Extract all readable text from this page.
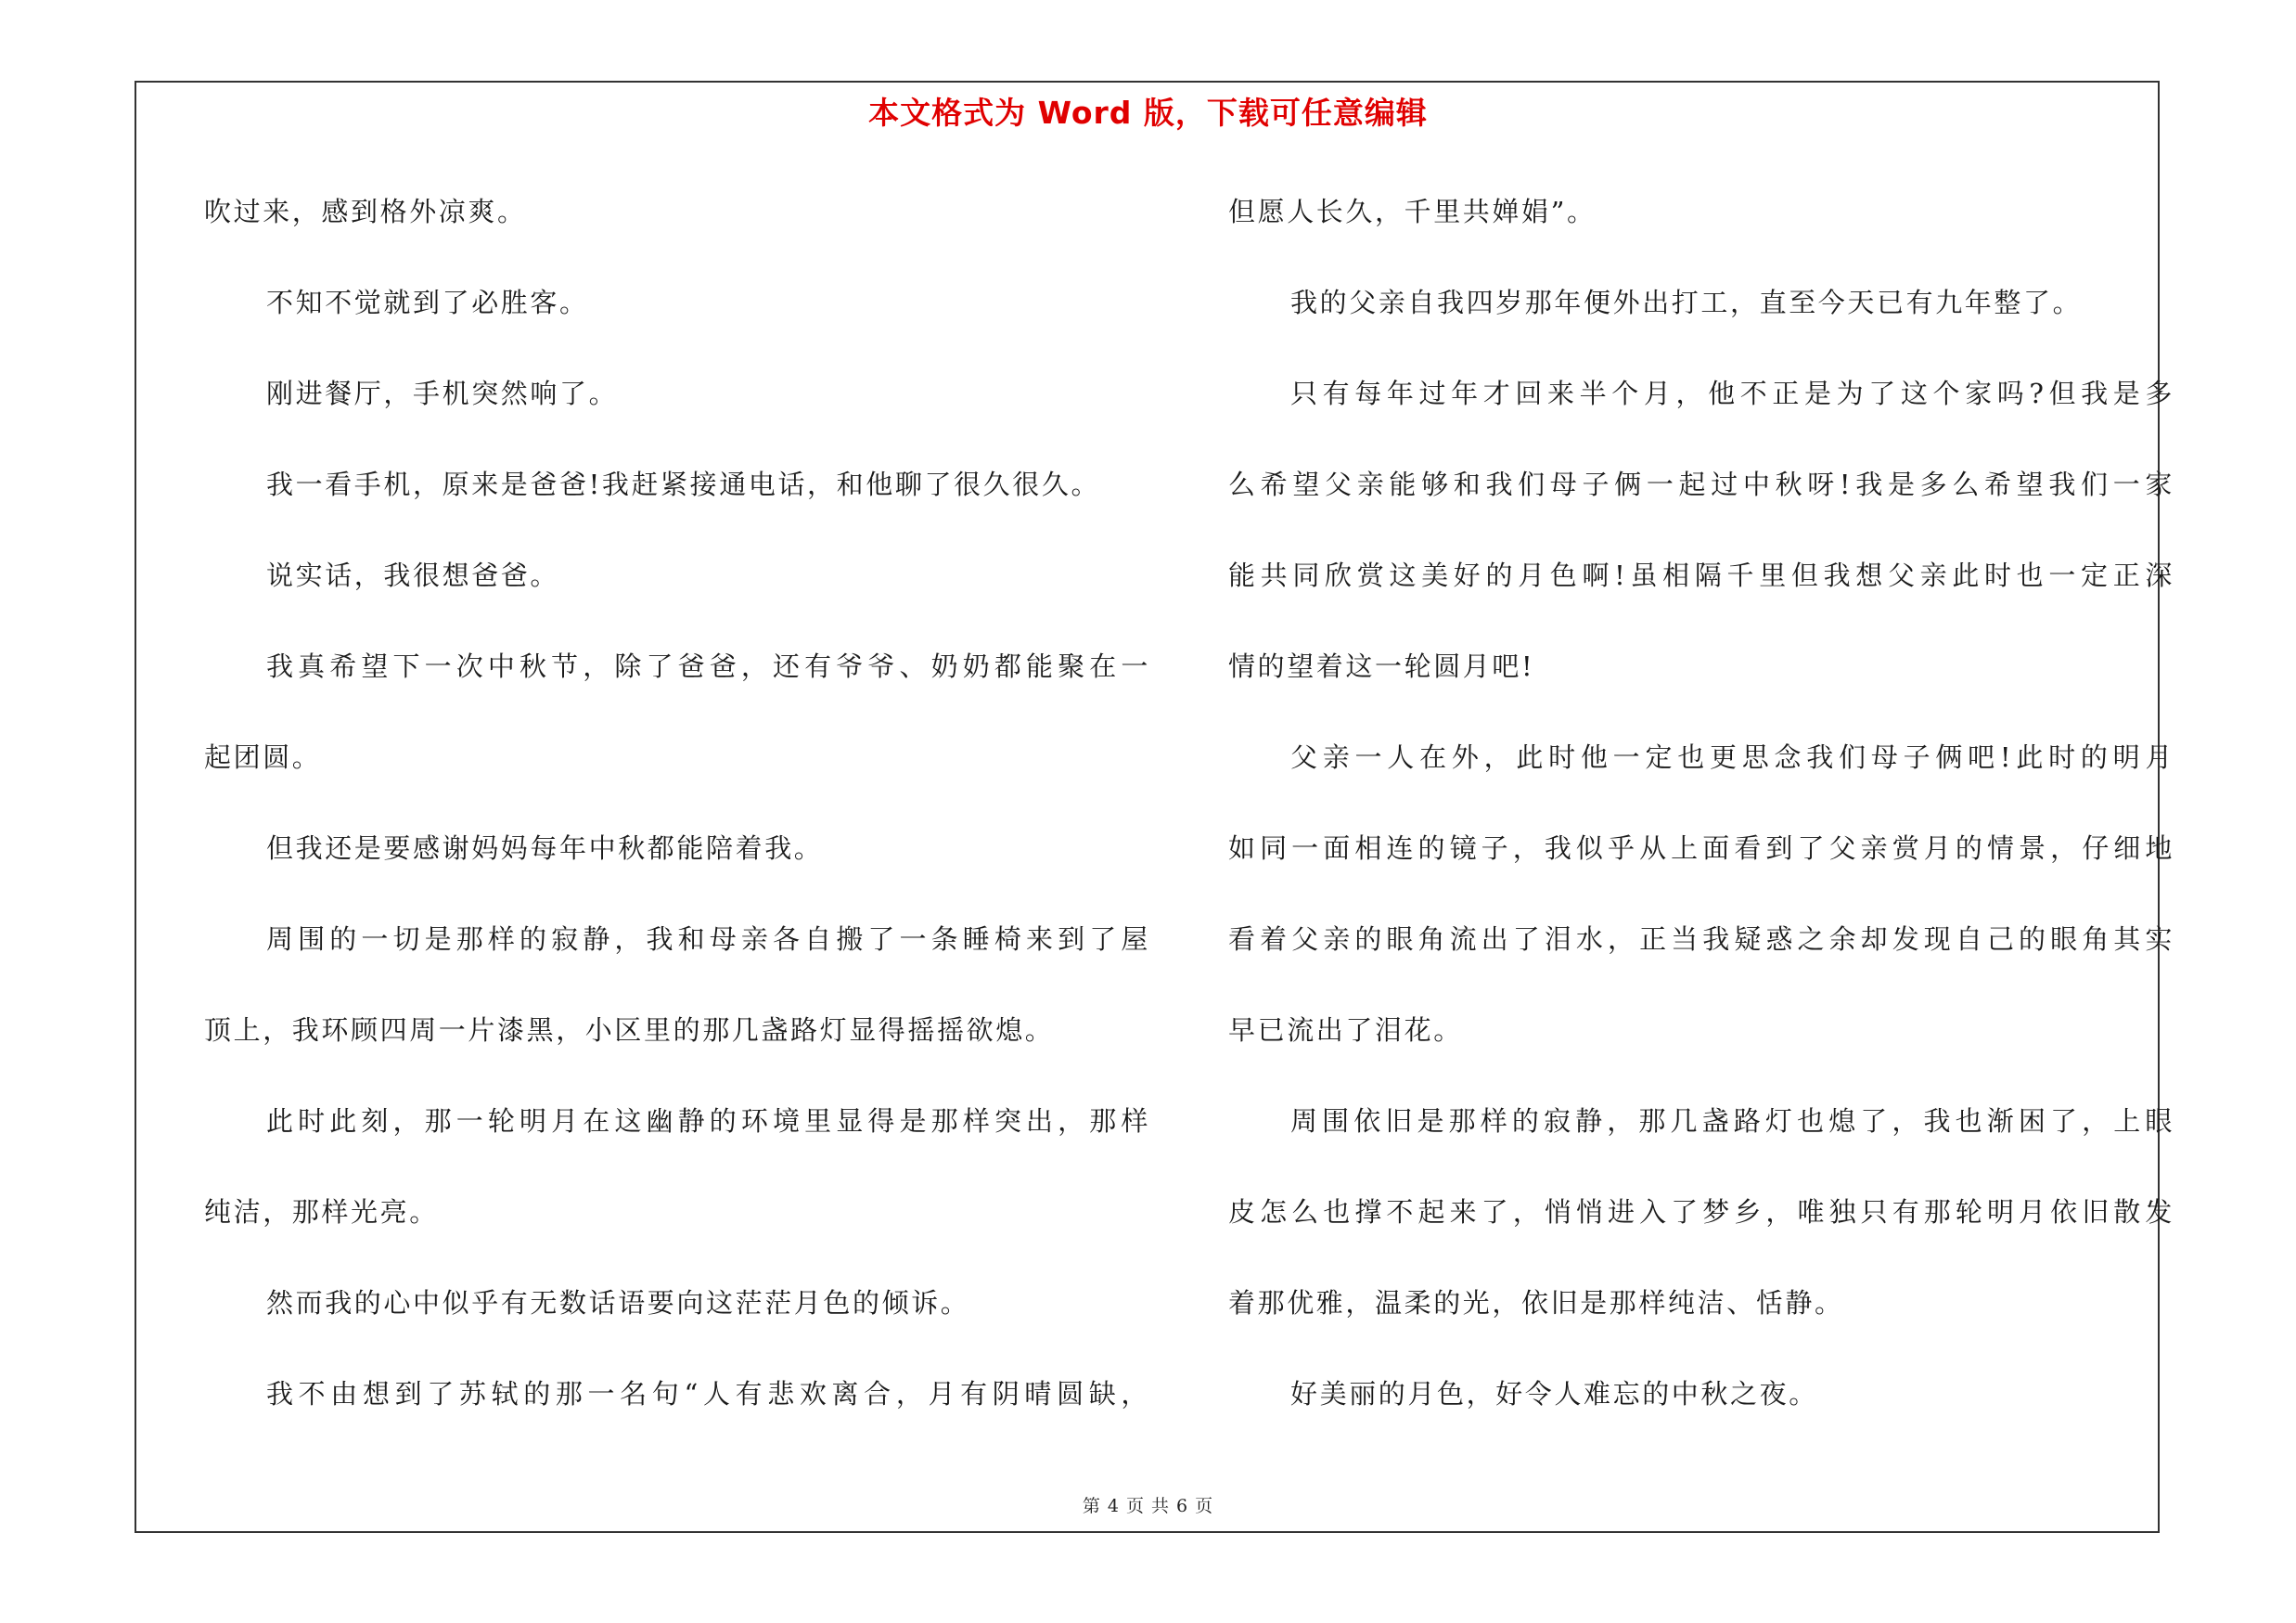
本文格式为 Word 版，下载可任意编辑
吹过来，感到格外凉爽。
不知不觉就到了必胜客。
刚进餐厅，手机突然响了。
我一看手机，原来是爸爸!我赶紧接通电话，和他聊了很久很久。
说实话，我很想爸爸。
我真希望下一次中秋节，除了爸爸，还有爷爷、奶奶都能聚在一
起团圆。
但我还是要感谢妈妈每年中秋都能陪着我。
周围的一切是那样的寂静，我和母亲各自搬了一条睡椅来到了屋
顶上，我环顾四周一片漆黑，小区里的那几盏路灯显得摇摇欲熄。
此时此刻，那一轮明月在这幽静的环境里显得是那样突出，那样
纯洁，那样光亮。
然而我的心中似乎有无数话语要向这茫茫月色的倾诉。
我不由想到了苏轼的那一名句“人有悲欢离合，月有阴晴圆缺，
但愿人长久，千里共婵娟”。
我的父亲自我四岁那年便外出打工，直至今天已有九年整了。
只有每年过年才回来半个月，他不正是为了这个家吗?但我是多
么希望父亲能够和我们母子俩一起过中秋呀!我是多么希望我们一家
能共同欣赏这美好的月色啊!虽相隔千里但我想父亲此时也一定正深
情的望着这一轮圆月吧!
父亲一人在外，此时他一定也更思念我们母子俩吧!此时的明月
如同一面相连的镜子，我似乎从上面看到了父亲赏月的情景，仔细地
看着父亲的眼角流出了泪水，正当我疑惑之余却发现自己的眼角其实
早已流出了泪花。
周围依旧是那样的寂静，那几盏路灯也熄了，我也渐困了，上眼
皮怎么也撑不起来了，悄悄进入了梦乡，唯独只有那轮明月依旧散发
着那优雅，温柔的光，依旧是那样纯洁、恬静。
好美丽的月色，好令人难忘的中秋之夜。
第 4 页 共 6 页
